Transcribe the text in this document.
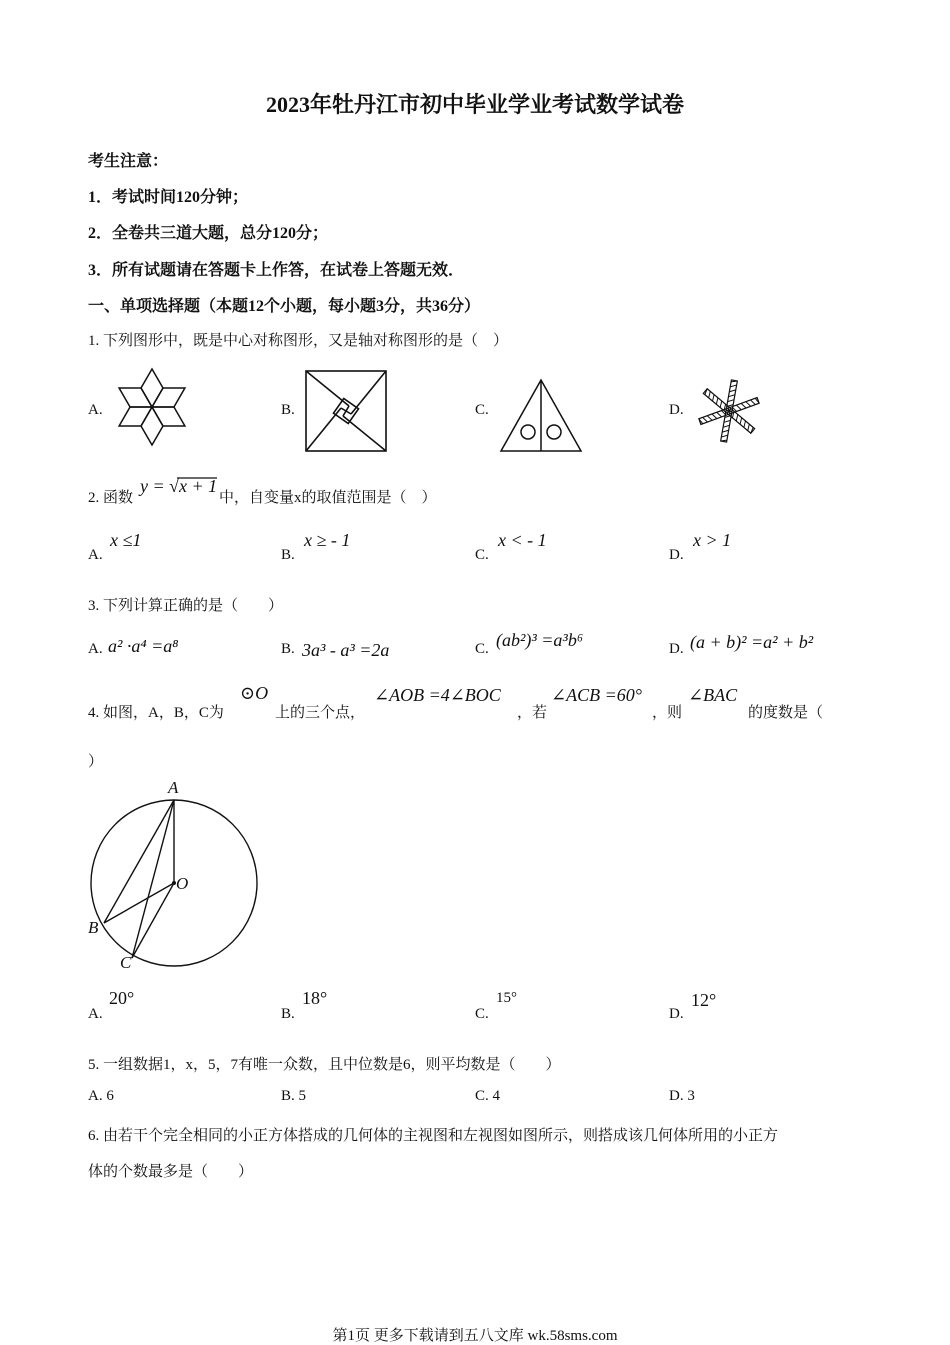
2023年牡丹江市初中毕业学业考试数学试卷
考生注意：
1．考试时间120分钟；
2．全卷共三道大题，总分120分；
3．所有试题请在答题卡上作答，在试卷上答题无效．
一、单项选择题（本题12个小题，每小题3分，共36分）
1. 下列图形中，既是中心对称图形，又是轴对称图形的是（　）
A.	B.	C.	D.
2. 函数
y = √x + 1
中，自变量x的取值范围是（　）
A.
x ≤1
B.
x ≥ - 1
C.
x < - 1
D.
x > 1
3. 下列计算正确的是（　　）
A. a² ·a⁴ =a⁸	B. 3a³ - a³ =2a	C. (ab²)³ =a³b⁶	D. (a + b)² =a² + b²
4. 如图，A，B，C为
⊙O
上的三个点，
∠AOB =4∠BOC
，若
∠ACB =60°
，则
∠BAC
的度数是（
）
A
O
B
C
A.
20°
B.
18°
C.
15°
D.
12°
5. 一组数据1，x，5，7有唯一众数，且中位数是6，则平均数是（　　）
A. 6	B. 5	C. 4	D. 3
6. 由若干个完全相同的小正方体搭成的几何体的主视图和左视图如图所示，则搭成该几何体所用的小正方
体的个数最多是（　　）
第1页 更多下载请到五八文库 wk.58sms.com
